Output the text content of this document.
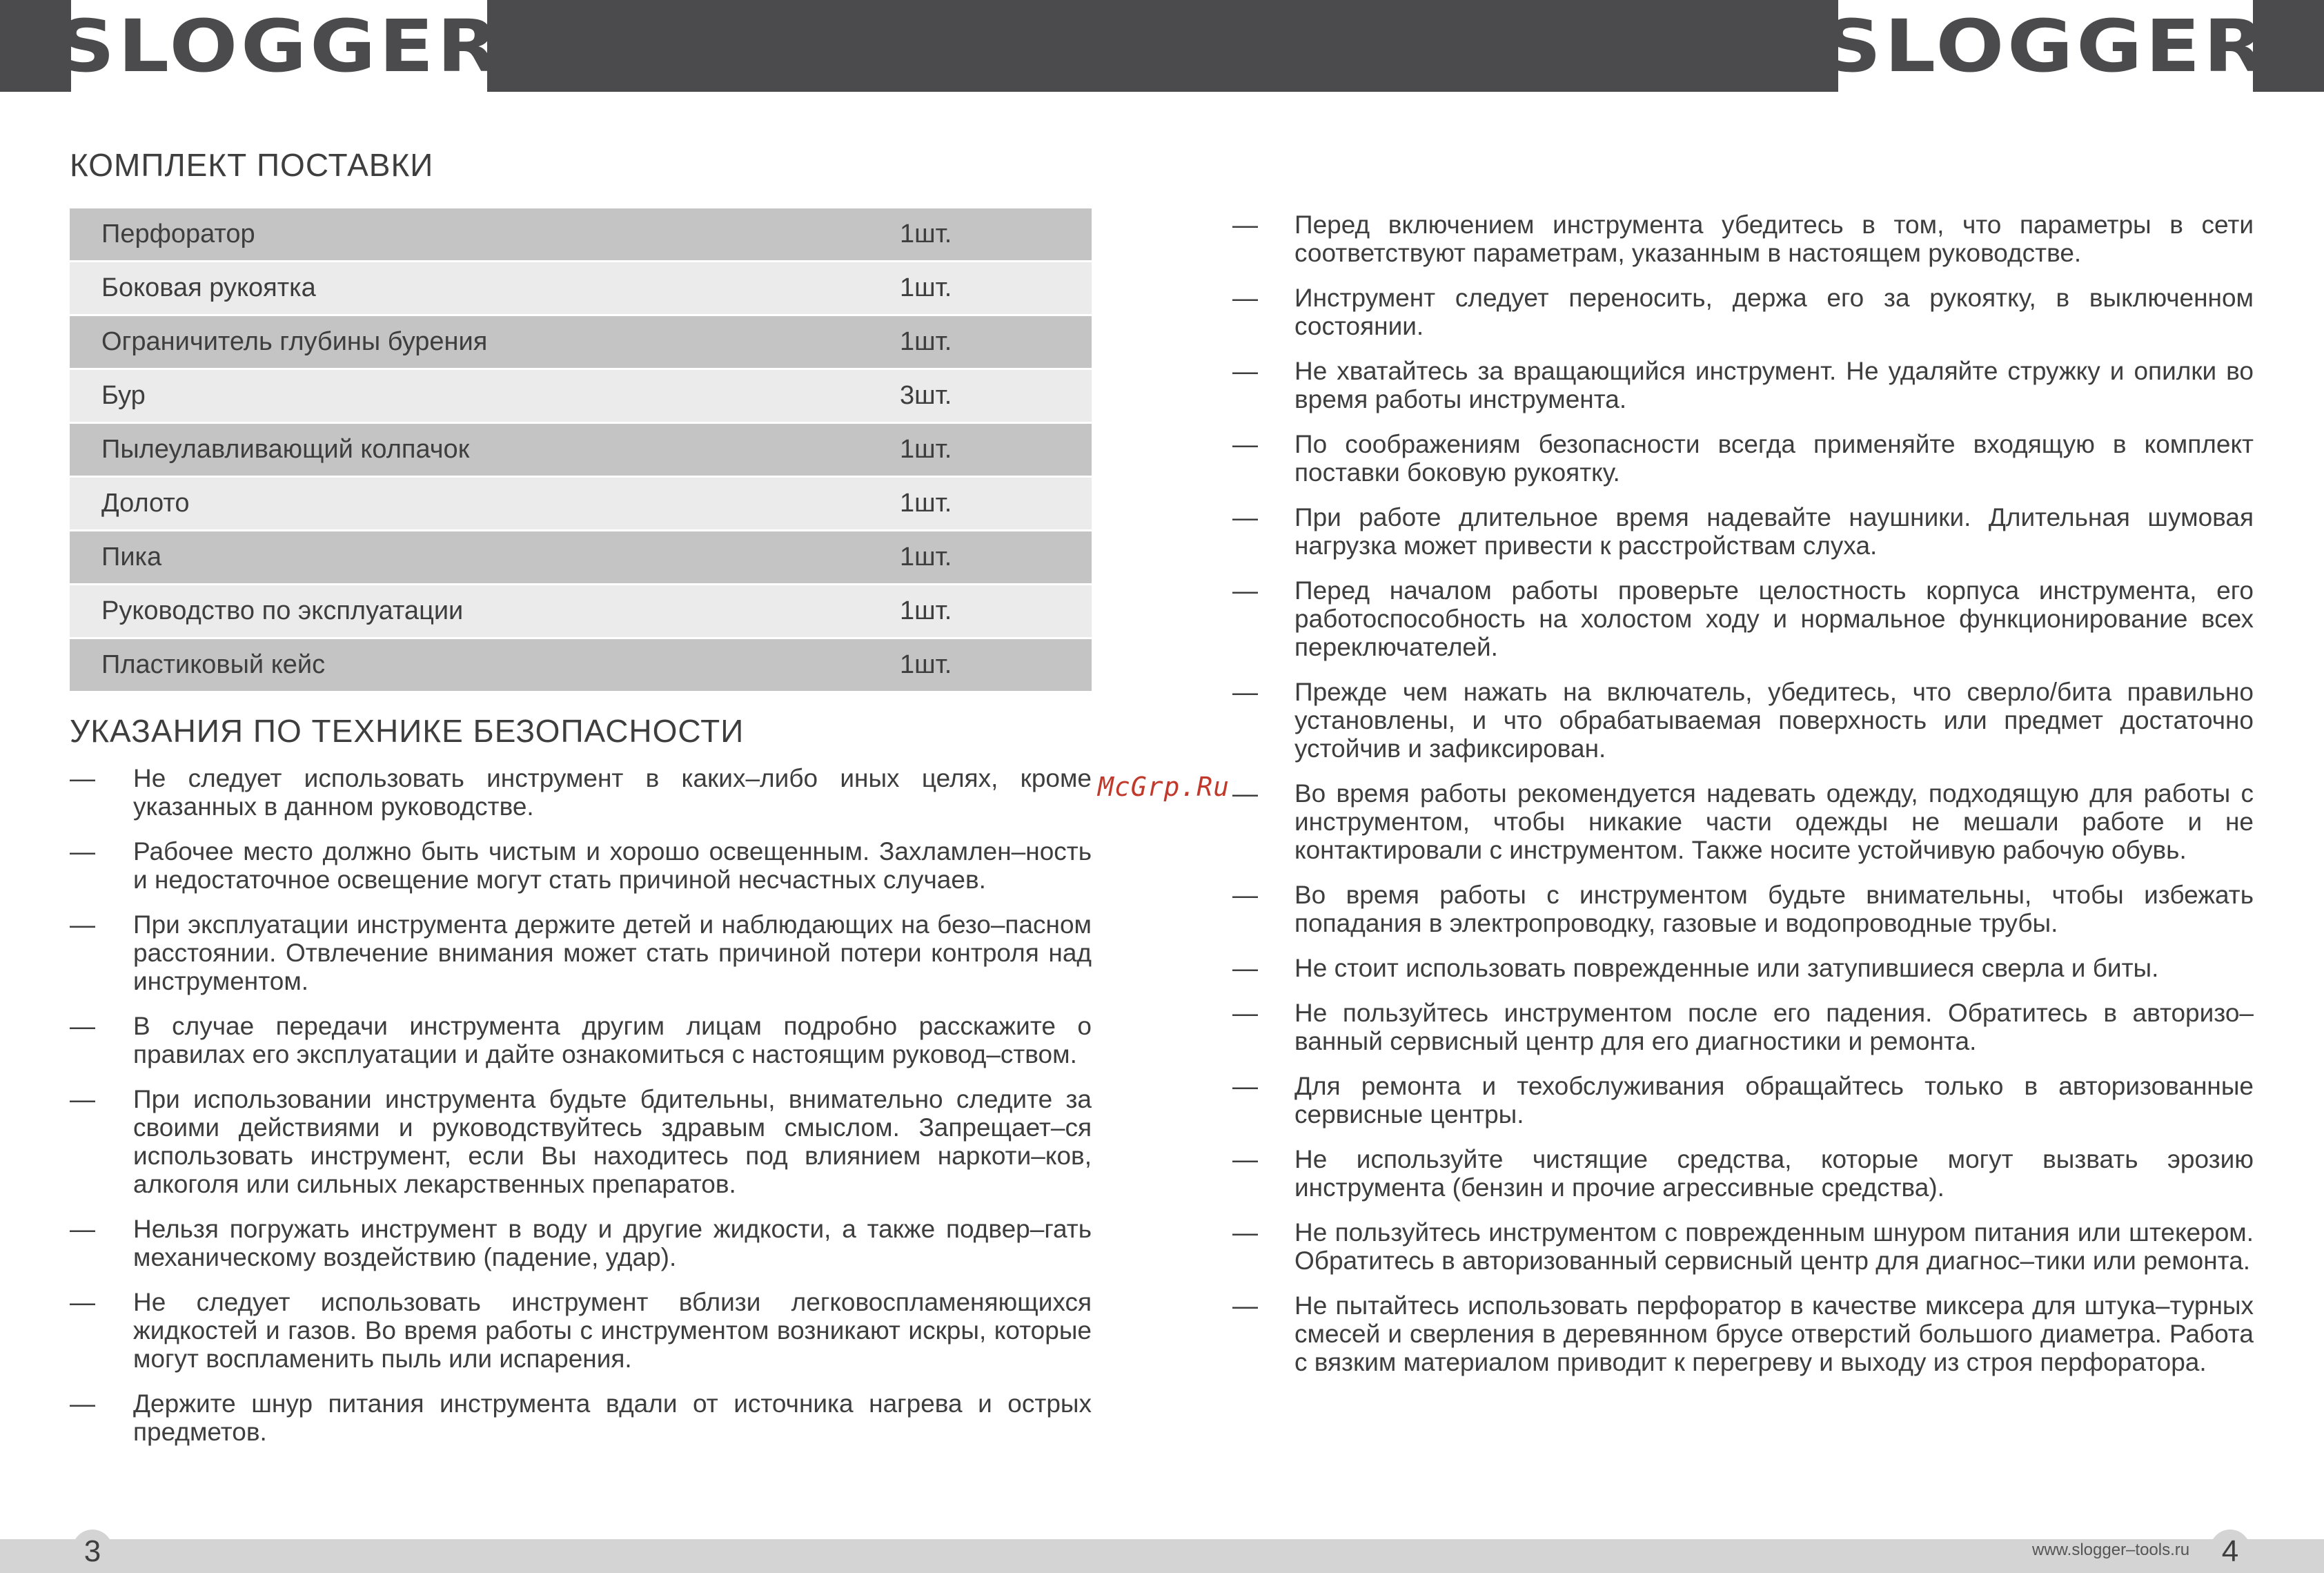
SLOGGER	SLOGGER
КОМПЛЕКТ ПОСТАВКИ
Перфоратор	1шт.
Боковая рукоятка	1шт.
Ограничитель глубины бурения	1шт.
Бур	3шт.
Пылеулавливающий колпачок	1шт.
Долото	1шт.
Пика	1шт.
Руководство по эксплуатации	1шт.
Пластиковый кейс	1шт.
УКАЗАНИЯ ПО ТЕХНИКЕ БЕЗОПАСНОСТИ
— Не следует использовать инструмент в каких–либо иных целях, кроме указанных в данном руководстве.
— Рабочее место должно быть чистым и хорошо освещенным. Захламлен–ность и недостаточное освещение могут стать причиной несчастных случаев.
— При эксплуатации инструмента держите детей и наблюдающих на безо–пасном расстоянии. Отвлечение внимания может стать причиной потери контроля над инструментом.
— В случае передачи инструмента другим лицам подробно расскажите о правилах его эксплуатации и дайте ознакомиться с настоящим руковод–ством.
— При использовании инструмента будьте бдительны, внимательно следите за своими действиями и руководствуйтесь здравым смыслом. Запрещает–ся использовать инструмент, если Вы находитесь под влиянием наркоти–ков, алкоголя или сильных лекарственных препаратов.
— Нельзя погружать инструмент в воду и другие жидкости, а также подвер–гать механическому воздействию (падение, удар).
— Не следует использовать инструмент вблизи легковоспламеняющихся жидкостей и газов. Во время работы с инструментом возникают искры, которые могут воспламенить пыль или испарения.
— Держите шнур питания инструмента вдали от источника нагрева и острых предметов.
— Перед включением инструмента убедитесь в том, что параметры в сети соответствуют параметрам, указанным в настоящем руководстве.
— Инструмент следует переносить, держа его за рукоятку, в выключенном состоянии.
— Не хватайтесь за вращающийся инструмент. Не удаляйте стружку и опилки во время работы инструмента.
— По соображениям безопасности всегда применяйте входящую в комплект поставки боковую рукоятку.
— При работе длительное время надевайте наушники. Длительная шумовая нагрузка может привести к расстройствам слуха.
— Перед началом работы проверьте целостность корпуса инструмента, его работоспособность на холостом ходу и нормальное функционирование всех переключателей.
— Прежде чем нажать на включатель, убедитесь, что сверло/бита правильно установлены, и что обрабатываемая поверхность или предмет достаточно устойчив и зафиксирован.
— Во время работы рекомендуется надевать одежду, подходящую для работы с инструментом, чтобы никакие части одежды не мешали работе и не контактировали с инструментом. Также носите устойчивую рабочую обувь.
— Во время работы с инструментом будьте внимательны, чтобы избежать попадания в электропроводку, газовые и водопроводные трубы.
— Не стоит использовать поврежденные или затупившиеся сверла и биты.
— Не пользуйтесь инструментом после его падения. Обратитесь в авторизо–ванный сервисный центр для его диагностики и ремонта.
— Для ремонта и техобслуживания обращайтесь только в авторизованные сервисные центры.
— Не используйте чистящие средства, которые могут вызвать эрозию инструмента (бензин и прочие агрессивные средства).
— Не пользуйтесь инструментом с поврежденным шнуром питания или штекером. Обратитесь в авторизованный сервисный центр для диагнос–тики или ремонта.
— Не пытайтесь использовать перфоратор в качестве миксера для штука–турных смесей и сверления в деревянном брусе отверстий большого диаметра. Работа с вязким материалом приводит к перегреву и выходу из строя перфоратора.
McGrp.Ru
3	www.slogger–tools.ru	4
